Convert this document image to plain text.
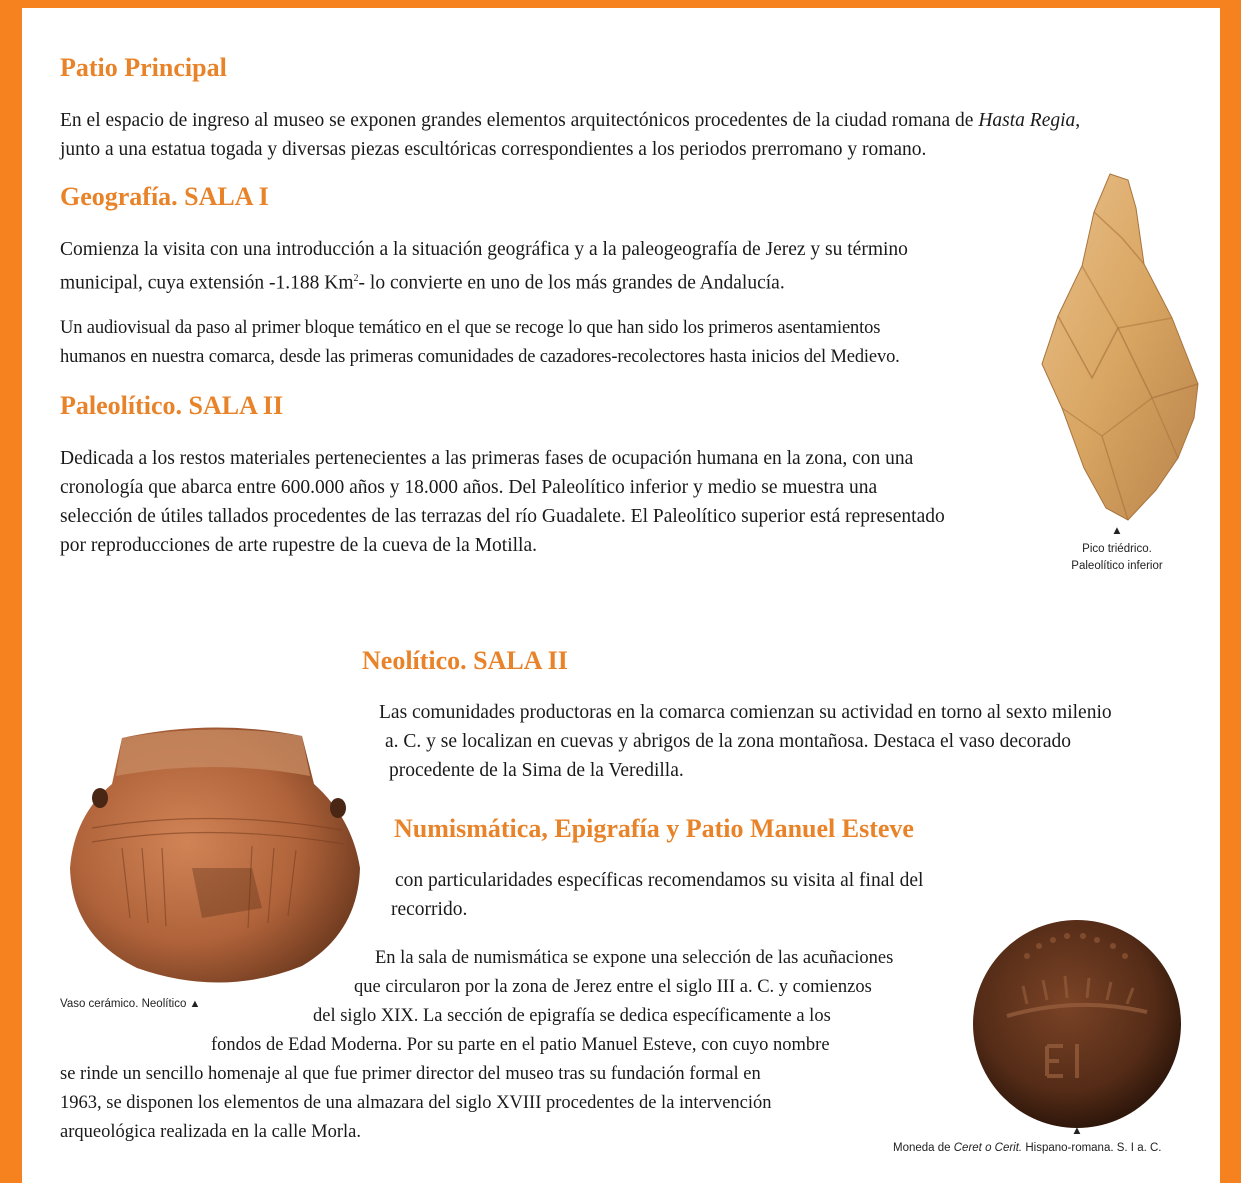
Patio Principal

En el espacio de ingreso al museo se exponen grandes elementos arquitectónicos procedentes de la ciudad romana de Hasta Regia,

junto a una estatua togada y diversas piezas escultóricas correspondientes a los periodos prerromano y romano.

Geografía. SALA I

Comienza la visita con una introducción a la situación geográfica y a la paleogeografía de Jerez y su término

municipal, cuya extensión -1.188 Km$^2$- lo convierte en uno de los más grandes de Andalucía.

Un audiovisual da paso al primer bloque temático en el que se recoge lo que han sido los primeros asentamientos

humanos en nuestra comarca, desde las primeras comunidades de cazadores-recolectores hasta inicios del Medievo.

Paleolítico. SALA II

Dedicada a los restos materiales pertenecientes a las primeras fases de ocupación humana en la zona, con una

cronología que abarca entre 600.000 años y 18.000 años. Del Paleolítico inferior y medio se muestra una

selección de útiles tallados procedentes de las terrazas del río Guadalete. El Paleolítico superior está representado

por reproducciones de arte rupestre de la cueva de la Motilla.

▲
Pico triédrico.
Paleolítico inferior
Neolítico. SALA II

Las comunidades productoras en la comarca comienzan su actividad en torno al sexto milenio

a. C. y se localizan en cuevas y abrigos de la zona montañosa. Destaca el vaso decorado

procedente de la Sima de la Veredilla.

Vaso cerámico. Neolítico ▲
Numismática, Epigrafía y Patio Manuel Esteve

con particularidades específicas recomendamos su visita al final del

recorrido.

En la sala de numismática se expone una selección de las acuñaciones

que circularon por la zona de Jerez entre el siglo III a. C. y comienzos

del siglo XIX. La sección de epigrafía se dedica específicamente a los

fondos de Edad Moderna. Por su parte en el patio Manuel Esteve, con cuyo nombre

se rinde un sencillo homenaje al que fue primer director del museo tras su fundación formal en

1963, se disponen los elementos de una almazara del siglo XVIII procedentes de la intervención

arqueológica realizada en la calle Morla.	▲
Moneda de Ceret o Cerit. Hispano-romana. S. I a. C.
